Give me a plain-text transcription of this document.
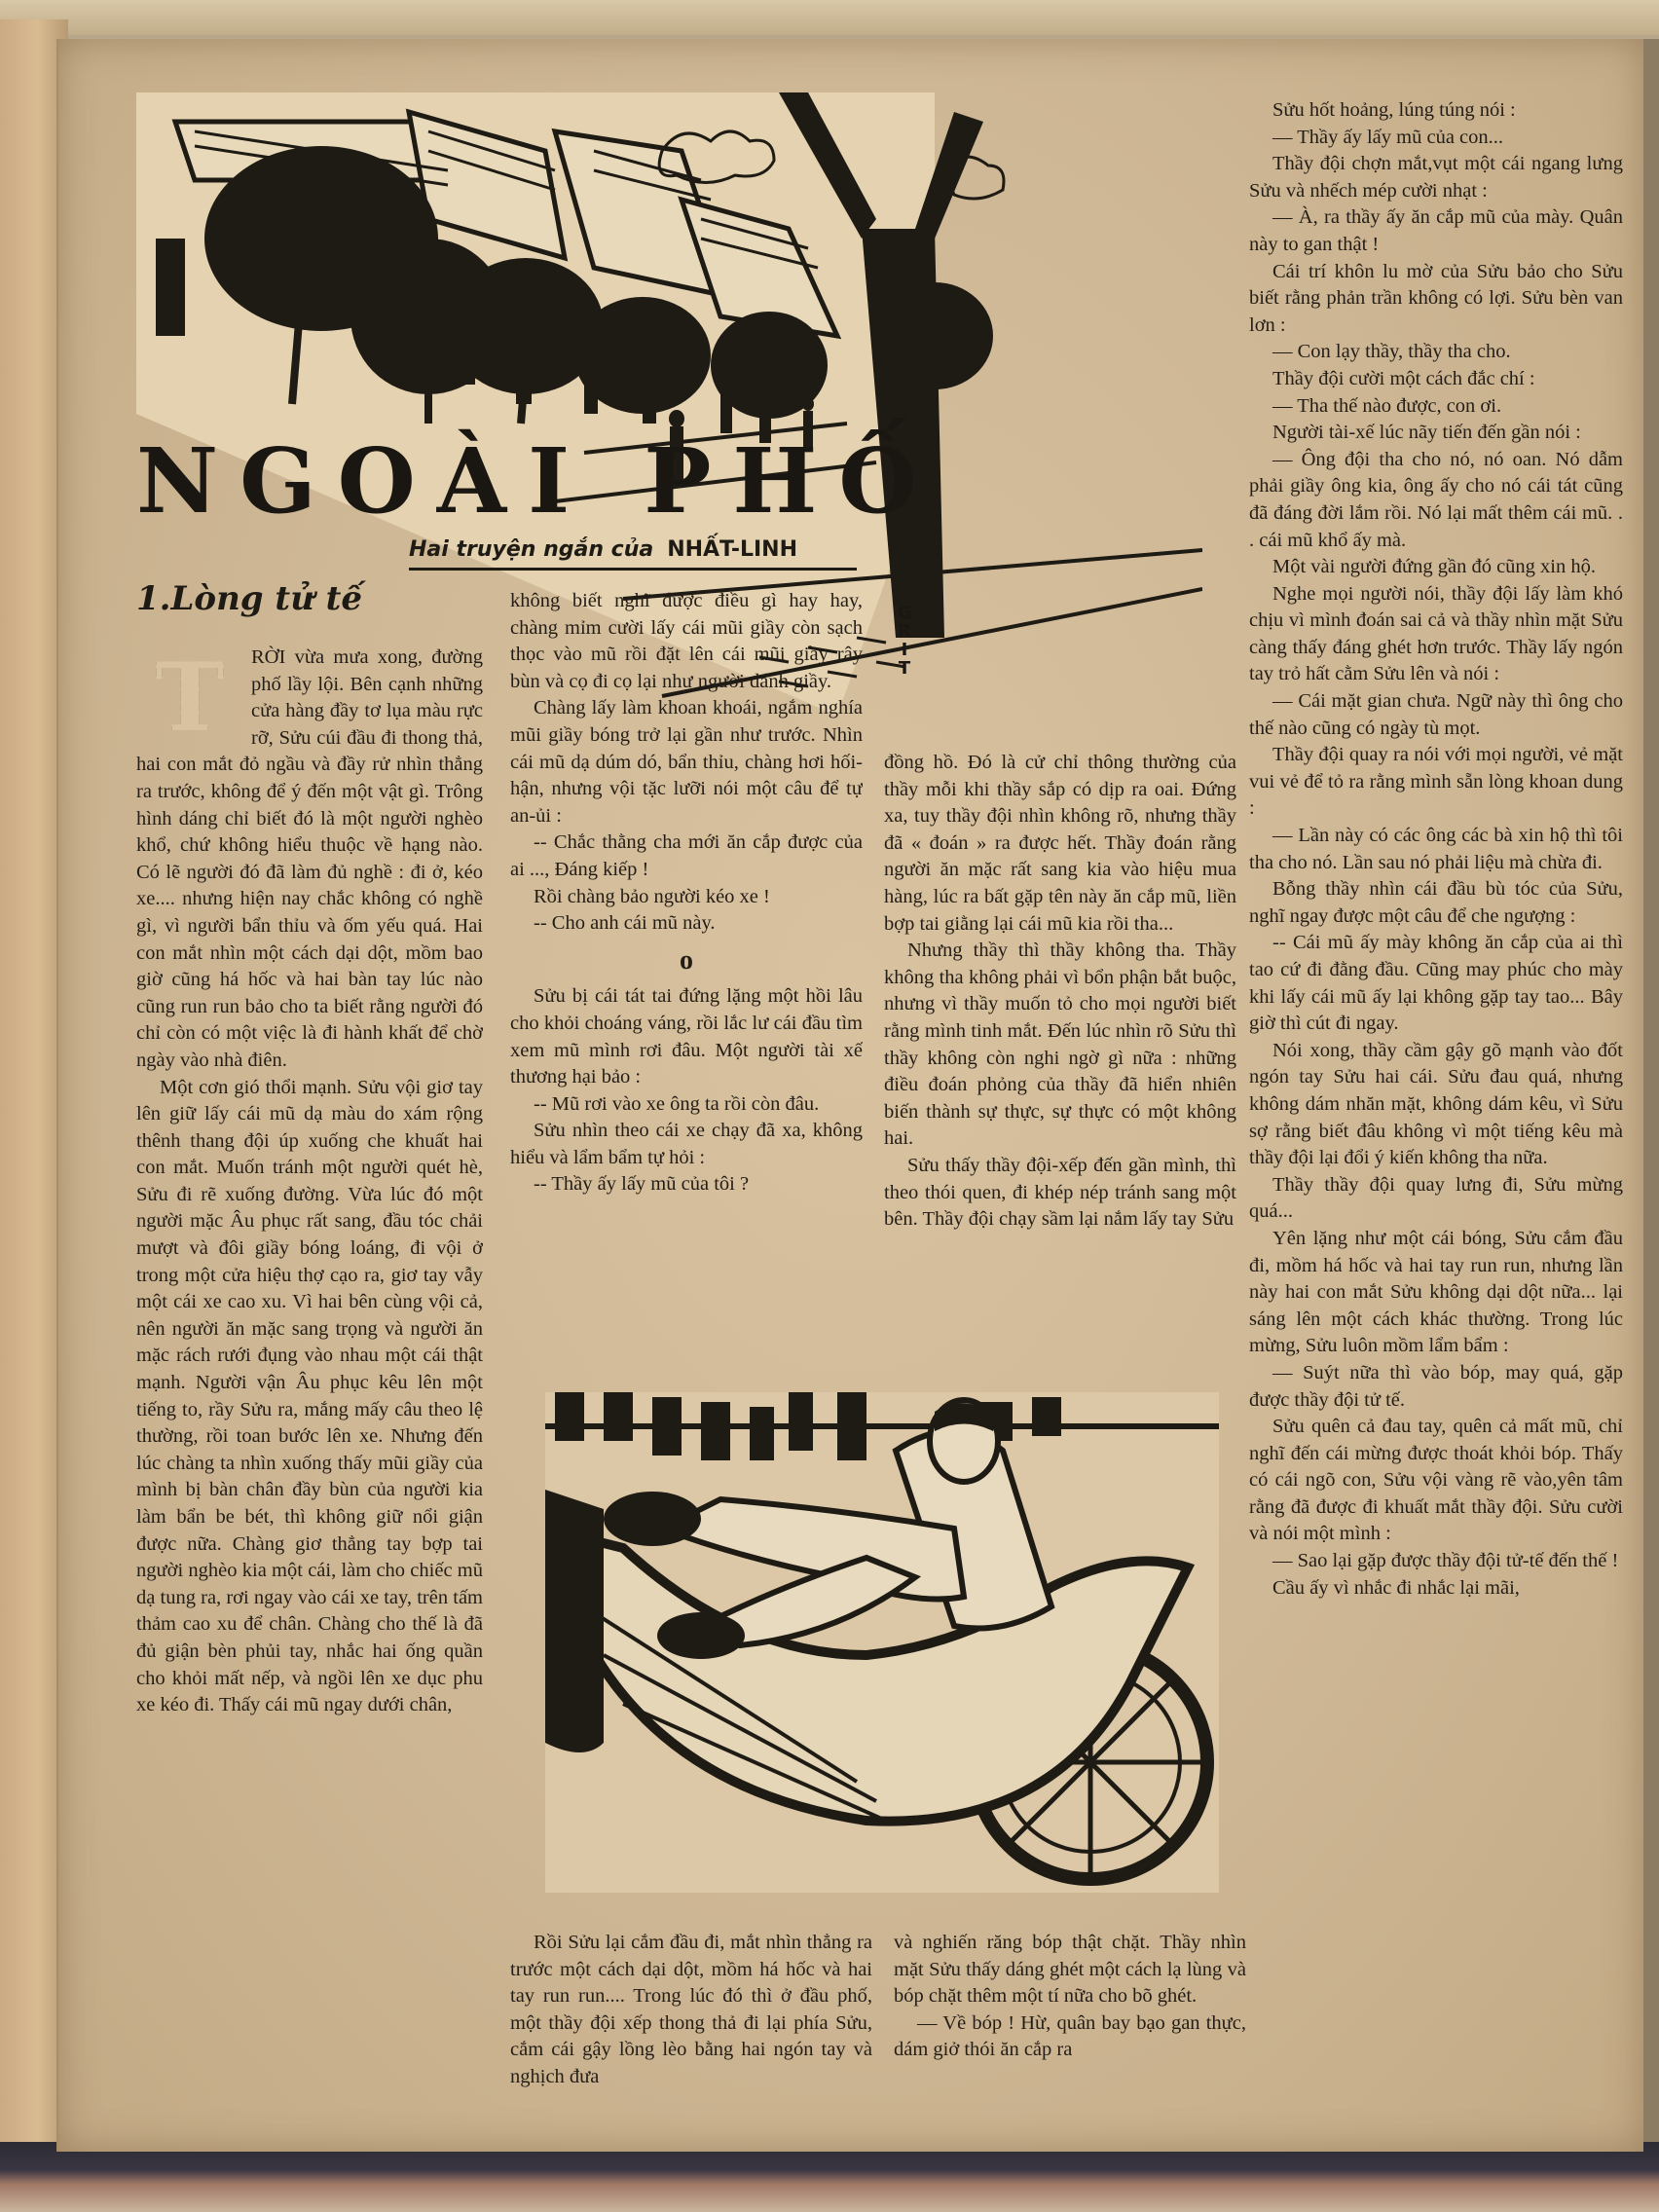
NGOÀI PHỐ
Hai truyện ngắn của NHẤT-LINH
GRIT
1.Lòng tử tế
T	RỜI vừa mưa xong, đường phố lầy lội. Bên cạnh những cửa hàng đầy tơ lụa màu rực rỡ, Sửu cúi đầu đi thong thả, hai con mắt đỏ ngầu và đầy rử nhìn thẳng ra trước, không để ý đến một vật gì. Trông hình dáng chỉ biết đó là một người nghèo khổ, chứ không hiểu thuộc về hạng nào. Có lẽ người đó đã làm đủ nghề : đi ở, kéo xe.... nhưng hiện nay chắc không có nghề gì, vì người bẩn thỉu và ốm yếu quá. Hai con mắt nhìn một cách dại dột, mồm bao giờ cũng há hốc và hai bàn tay lúc nào cũng run run bảo cho ta biết rằng người đó chỉ còn có một việc là đi hành khất để chờ ngày vào nhà điên.

Một cơn gió thổi mạnh. Sửu vội giơ tay lên giữ lấy cái mũ dạ màu do xám rộng thênh thang đội úp xuống che khuất hai con mắt. Muốn tránh một người quét hè, Sửu đi rẽ xuống đường. Vừa lúc đó một người mặc Âu phục rất sang, đầu tóc chải mượt và đôi giầy bóng loáng, đi vội ở trong một cửa hiệu thợ cạo ra, giơ tay vẫy một cái xe cao xu. Vì hai bên cùng vội cả, nên người ăn mặc sang trọng và người ăn mặc rách rưới đụng vào nhau một cái thật mạnh. Người vận Âu phục kêu lên một tiếng to, rầy Sửu ra, mắng mấy câu theo lệ thường, rồi toan bước lên xe. Nhưng đến lúc chàng ta nhìn xuống thấy mũi giầy của mình bị bàn chân đầy bùn của người kia làm bẩn be bét, thì không giữ nổi giận được nữa. Chàng giơ thẳng tay bợp tai người nghèo kia một cái, làm cho chiếc mũ dạ tung ra, rơi ngay vào cái xe tay, trên tấm thảm cao xu để chân. Chàng cho thế là đã đủ giận bèn phủi tay, nhắc hai ống quần cho khỏi mất nếp, và ngồi lên xe dục phu xe kéo đi. Thấy cái mũ ngay dưới chân,

không biết nghĩ được điều gì hay hay, chàng mỉm cười lấy cái mũi giầy còn sạch thọc vào mũ rồi đặt lên cái mũi giầy rây bùn và cọ đi cọ lại như người đánh giầy.

Chàng lấy làm khoan khoái, ngắm nghía mũi giầy bóng trở lại gần như trước. Nhìn cái mũ dạ dúm dó, bẩn thỉu, chàng hơi hối-hận, nhưng vội tặc lưỡi nói một câu để tự an-ủi :

-- Chắc thằng cha mới ăn cắp được của ai ..., Đáng kiếp !

Rồi chàng bảo người kéo xe !

-- Cho anh cái mũ này.

o

Sửu bị cái tát tai đứng lặng một hồi lâu cho khỏi choáng váng, rồi lắc lư cái đầu tìm xem mũ mình rơi đâu. Một người tài xế thương hại bảo :

-- Mũ rơi vào xe ông ta rồi còn đâu.

Sửu nhìn theo cái xe chạy đã xa, không hiểu và lẩm bẩm tự hỏi :

-- Thầy ấy lấy mũ của tôi ?

đồng hồ. Đó là cử chỉ thông thường của thầy mỗi khi thầy sắp có dịp ra oai. Đứng xa, tuy thầy đội nhìn không rõ, nhưng thầy đã « đoán » ra được hết. Thầy đoán rằng người ăn mặc rất sang kia vào hiệu mua hàng, lúc ra bất gặp tên này ăn cắp mũ, liền bợp tai giằng lại cái mũ kia rồi tha...

Nhưng thầy thì thầy không tha. Thầy không tha không phải vì bổn phận bắt buộc, nhưng vì thầy muốn tỏ cho mọi người biết rằng mình tinh mắt. Đến lúc nhìn rõ Sửu thì thầy không còn nghi ngờ gì nữa : những điều đoán phỏng của thầy đã hiển nhiên biến thành sự thực, sự thực có một không hai.

Sửu thấy thầy đội-xếp đến gần mình, thì theo thói quen, đi khép nép tránh sang một bên. Thầy đội chạy sầm lại nắm lấy tay Sửu

Rồi Sửu lại cắm đầu đi, mắt nhìn thẳng ra trước một cách dại dột, mồm há hốc và hai tay run run.... Trong lúc đó thì ở đầu phố, một thầy đội xếp thong thả đi lại phía Sửu, cắm cái gậy lồng lèo bằng hai ngón tay và nghịch đưa

và nghiến răng bóp thật chặt. Thầy nhìn mặt Sửu thấy dáng ghét một cách lạ lùng và bóp chặt thêm một tí nữa cho bõ ghét.

— Về bóp ! Hừ, quân bay bạo gan thực, dám giở thói ăn cắp ra

Sửu hốt hoảng, lúng túng nói :

— Thầy ấy lấy mũ của con...

Thầy đội chợn mắt,vụt một cái ngang lưng Sửu và nhếch mép cười nhạt :

— À, ra thầy ấy ăn cắp mũ của mày. Quân này to gan thật !

Cái trí khôn lu mờ của Sửu bảo cho Sửu biết rằng phản trần không có lợi. Sửu bèn van lơn :

— Con lạy thầy, thầy tha cho.

Thầy đội cười một cách đắc chí :

— Tha thế nào được, con ơi.

Người tài-xế lúc nãy tiến đến gần nói :

— Ông đội tha cho nó, nó oan. Nó dẫm phải giầy ông kia, ông ấy cho nó cái tát cũng đã đáng đời lắm rồi. Nó lại mất thêm cái mũ. . . cái mũ khổ ấy mà.

Một vài người đứng gần đó cũng xin hộ.

Nghe mọi người nói, thầy đội lấy làm khó chịu vì mình đoán sai cả và thầy nhìn mặt Sửu càng thấy đáng ghét hơn trước. Thầy lấy ngón tay trỏ hất cằm Sửu lên và nói :

— Cái mặt gian chưa. Ngữ này thì ông cho thế nào cũng có ngày tù mọt.

Thầy đội quay ra nói với mọi người, vẻ mặt vui vẻ để tỏ ra rằng mình sẵn lòng khoan dung :

— Lần này có các ông các bà xin hộ thì tôi tha cho nó. Lần sau nó phải liệu mà chừa đi.

Bỗng thầy nhìn cái đầu bù tóc của Sửu, nghĩ ngay được một câu để che ngượng :

-- Cái mũ ấy mày không ăn cắp của ai thì tao cứ đi đằng đầu. Cũng may phúc cho mày khi lấy cái mũ ấy lại không gặp tay tao... Bây giờ thì cút đi ngay.

Nói xong, thầy cầm gậy gõ mạnh vào đốt ngón tay Sửu hai cái. Sửu đau quá, nhưng không dám nhăn mặt, không dám kêu, vì Sửu sợ rằng biết đâu không vì một tiếng kêu mà thầy đội lại đổi ý kiến không tha nữa.

Thầy thầy đội quay lưng đi, Sửu mừng quá...

Yên lặng như một cái bóng, Sửu cắm đầu đi, mồm há hốc và hai tay run run, nhưng lần này hai con mắt Sửu không dại dột nữa... lại sáng lên một cách khác thường. Trong lúc mừng, Sửu luôn mồm lẩm bẩm :

— Suýt nữa thì vào bóp, may quá, gặp được thầy đội tử tế.

Sửu quên cả đau tay, quên cả mất mũ, chỉ nghĩ đến cái mừng được thoát khỏi bóp. Thấy có cái ngõ con, Sửu vội vàng rẽ vào,yên tâm rằng đã được đi khuất mắt thầy đội. Sửu cười và nói một mình :

— Sao lại gặp được thầy đội tử-tế đến thế !

Cầu ấy vì nhắc đi nhắc lại mãi,
